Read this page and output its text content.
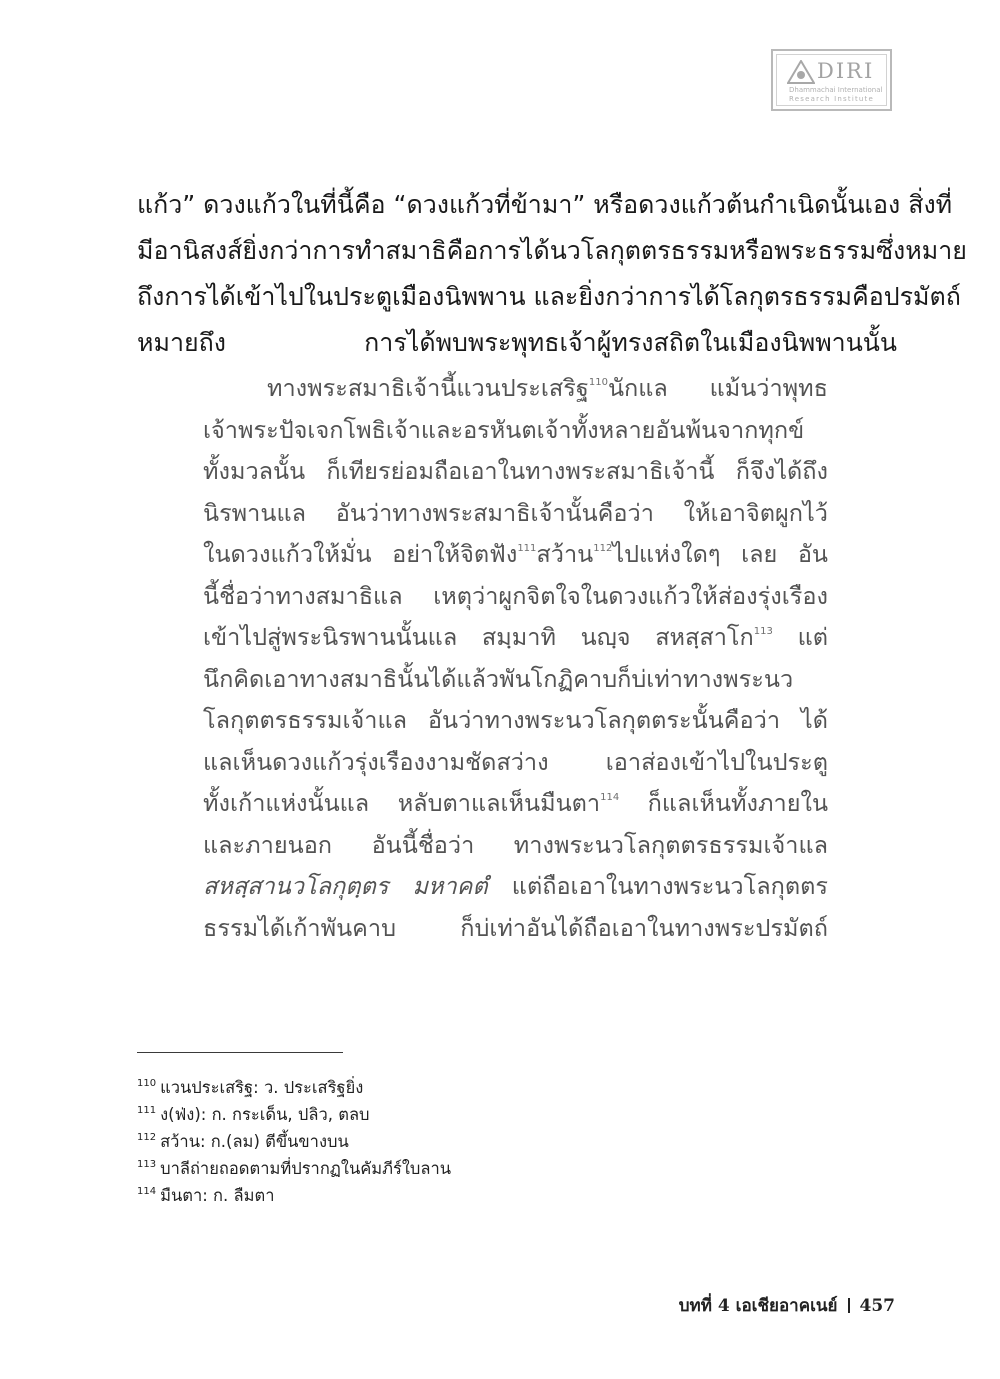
DIRI
Dhammachai International
Research Institute
แก้ว” ดวงแก้วในที่นี้คือ “ดวงแก้วที่ข้ามา” หรือดวงแก้วต้นกำเนิดนั้นเอง สิ่งที่
มีอานิสงส์ยิ่งกว่าการทำสมาธิคือการได้นวโลกุตตรธรรมหรือพระธรรมซึ่งหมาย
ถึงการได้เข้าไปในประตูเมืองนิพพาน และยิ่งกว่าการได้โลกุตรธรรมคือปรมัตถ์
หมายถึง การได้พบพระพุทธเจ้าผู้ทรงสถิตในเมืองนิพพานนั้น
ทางพระสมาธิเจ้านี้แวนประเสริฐ$^{110}$นักแล แม้นว่าพุทธ
เจ้าพระปัจเจกโพธิเจ้าและอรหันตเจ้าทั้งหลายอันพ้นจากทุกข์
ทั้งมวลนั้น ก็เทียรย่อมถือเอาในทางพระสมาธิเจ้านี้ ก็จึงได้ถึง
นิรพานแล อันว่าทางพระสมาธิเจ้านั้นคือว่า ให้เอาจิตผูกไว้
ในดวงแก้วให้มั่น อย่าให้จิตฟัง$^{111}$สว้าน$^{112}$ไปแห่งใดๆ เลย อัน
นี้ชื่อว่าทางสมาธิแล เหตุว่าผูกจิตใจในดวงแก้วให้ส่องรุ่งเรือง
เข้าไปสู่พระนิรพานนั้นแล สมฺมาทิ นญฺจ สหสฺสาโก$^{113}$ แต่
นึกคิดเอาทางสมาธินั้นได้แล้วพันโกฏิคาบก็บ่เท่าทางพระนว
โลกุตตรธรรมเจ้าแล อันว่าทางพระนวโลกุตตระนั้นคือว่า ได้
แลเห็นดวงแก้วรุ่งเรืองงามชัดสว่าง เอาส่องเข้าไปในประตู
ทั้งเก้าแห่งนั้นแล หลับตาแลเห็นมืนตา$^{114}$ ก็แลเห็นทั้งภายใน
และภายนอก อันนี้ชื่อว่า ทางพระนวโลกุตตรธรรมเจ้าแล
สหสฺสานวโลกุตฺตร มหาคตํ แต่ถือเอาในทางพระนวโลกุตตร
ธรรมได้เก้าพันคาบ ก็บ่เท่าอันได้ถือเอาในทางพระปรมัตถ์
$^{110}$ แวนประเสริฐ: ว. ประเสริฐยิ่ง
$^{111}$ ง(ฟ่ง): ก. กระเด็น, ปลิว, ตลบ
$^{112}$ สว้าน: ก.(ลม) ตีขึ้นขางบน
$^{113}$ บาลีถ่ายถอดตามที่ปรากฏในคัมภีร์ใบลาน
$^{114}$ มืนตา: ก. ลืมตา
บทที่ 4 เอเชียอาคเนย์ 457
